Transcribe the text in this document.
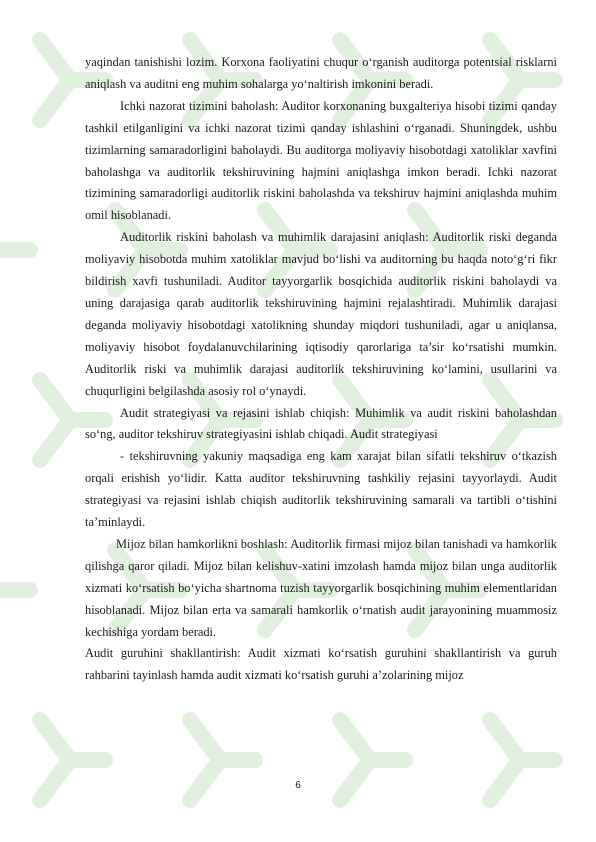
yaqindan tanishishi lozim. Korxona faoliyatini chuqur o‘rganish auditorga potentsial risklarni aniqlash va auditni eng muhim sohalarga yo‘naltirish imkonini beradi.

Ichki nazorat tizimini baholash: Auditor korxonaning buxgalteriya hisobi tizimi qanday tashkil etilganligini va ichki nazorat tizimi qanday ishlashini o‘rganadi. Shuningdek, ushbu tizimlarning samaradorligini baholaydi. Bu auditorga moliyaviy hisobotdagi xatoliklar xavfini baholashga va auditorlik tekshiruvining hajmini aniqlashga imkon beradi. Ichki nazorat tizimining samaradorligi auditorlik riskini baholashda va tekshiruv hajmini aniqlashda muhim omil hisoblanadi.

Auditorlik riskini baholash va muhimlik darajasini aniqlash: Auditorlik riski deganda moliyaviy hisobotda muhim xatoliklar mavjud bo‘lishi va auditorning bu haqda noto‘g‘ri fikr bildirish xavfi tushuniladi. Auditor tayyorgarlik bosqichida auditorlik riskini baholaydi va uning darajasiga qarab auditorlik tekshiruvining hajmini rejalashtiradi. Muhimlik darajasi deganda moliyaviy hisobotdagi xatolikning shunday miqdori tushuniladi, agar u aniqlansa, moliyaviy hisobot foydalanuvchilarining iqtisodiy qarorlariga ta’sir ko‘rsatishi mumkin. Auditorlik riski va muhimlik darajasi auditorlik tekshiruvining ko‘lamini, usullarini va chuqurligini belgilashda asosiy rol o‘ynaydi.

Audit strategiyasi va rejasini ishlab chiqish: Muhimlik va audit riskini baholashdan so‘ng, auditor tekshiruv strategiyasini ishlab chiqadi. Audit strategiyasi

- tekshiruvning yakuniy maqsadiga eng kam xarajat bilan sifatli tekshiruv o‘tkazish orqali erishish yo‘lidir. Katta auditor tekshiruvning tashkiliy rejasini tayyorlaydi. Audit strategiyasi va rejasini ishlab chiqish auditorlik tekshiruvining samarali va tartibli o‘tishini ta’minlaydi.

Mijoz bilan hamkorlikni boshlash: Auditorlik firmasi mijoz bilan tanishadi va hamkorlik qilishga qaror qiladi. Mijoz bilan kelishuv-xatini imzolash hamda mijoz bilan unga auditorlik xizmati ko‘rsatish bo‘yicha shartnoma tuzish tayyorgarlik bosqichining muhim elementlaridan hisoblanadi. Mijoz bilan erta va samarali hamkorlik o‘rnatish audit jarayonining muammosiz kechishiga yordam beradi.

Audit guruhini shakllantirish: Audit xizmati ko‘rsatish guruhini shakllantirish va guruh rahbarini tayinlash hamda audit xizmati ko‘rsatish guruhi a’zolarining mijoz

6
